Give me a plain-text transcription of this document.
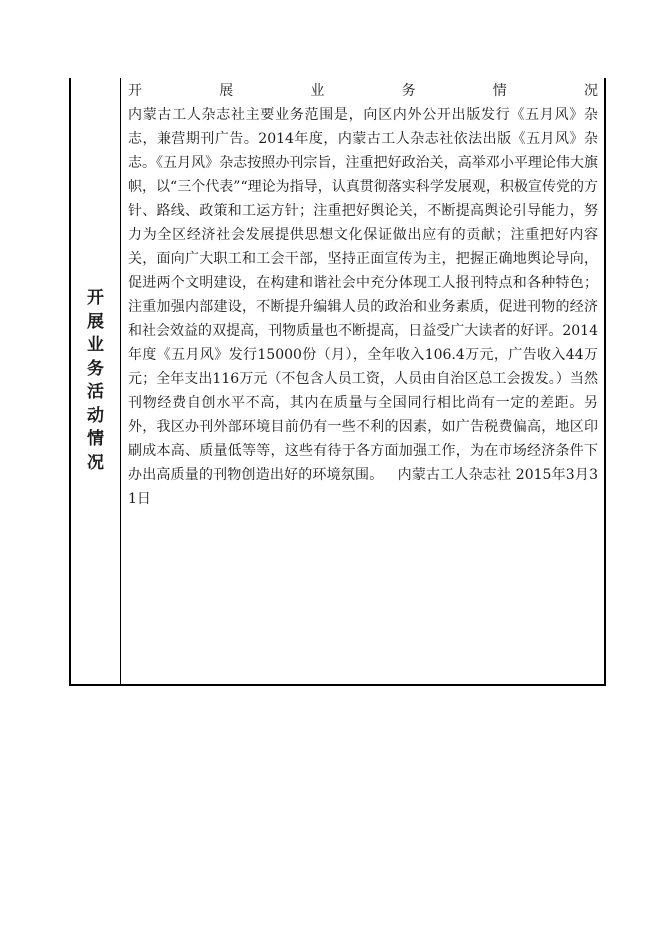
开展业务活动情况
开	展	业	务	情	况

内蒙古工人杂志社主要业务范围是，向区内外公开出版发行《五月风》杂志，兼营期刊广告。2014年度，内蒙古工人杂志社依法出版《五月风》杂志。《五月风》杂志按照办刊宗旨，注重把好政治关，高举邓小平理论伟大旗帜，以“三个代表”“理论为指导，认真贯彻落实科学发展观，积极宣传党的方针、路线、政策和工运方针；注重把好舆论关，不断提高舆论引导能力，努力为全区经济社会发展提供思想文化保证做出应有的贡献；注重把好内容关，面向广大职工和工会干部，坚持正面宣传为主，把握正确地舆论导向，促进两个文明建设，在构建和谐社会中充分体现工人报刊特点和各种特色；注重加强内部建设，不断提升编辑人员的政治和业务素质，促进刊物的经济和社会效益的双提高，刊物质量也不断提高，日益受广大读者的好评。2014年度《五月风》发行15000份（月），全年收入106.4万元，广告收入44万元；全年支出116万元（不包含人员工资，人员由自治区总工会拨发。）当然刊物经费自创水平不高，其内在质量与全国同行相比尚有一定的差距。另外，我区办刊外部环境目前仍有一些不利的因素，如广告税费偏高，地区印刷成本高、质量低等等，这些有待于各方面加强工作，为在市场经济条件下办出高质量的刊物创造出好的环境氛围。  内蒙古工人杂志社 2015年3月31日
